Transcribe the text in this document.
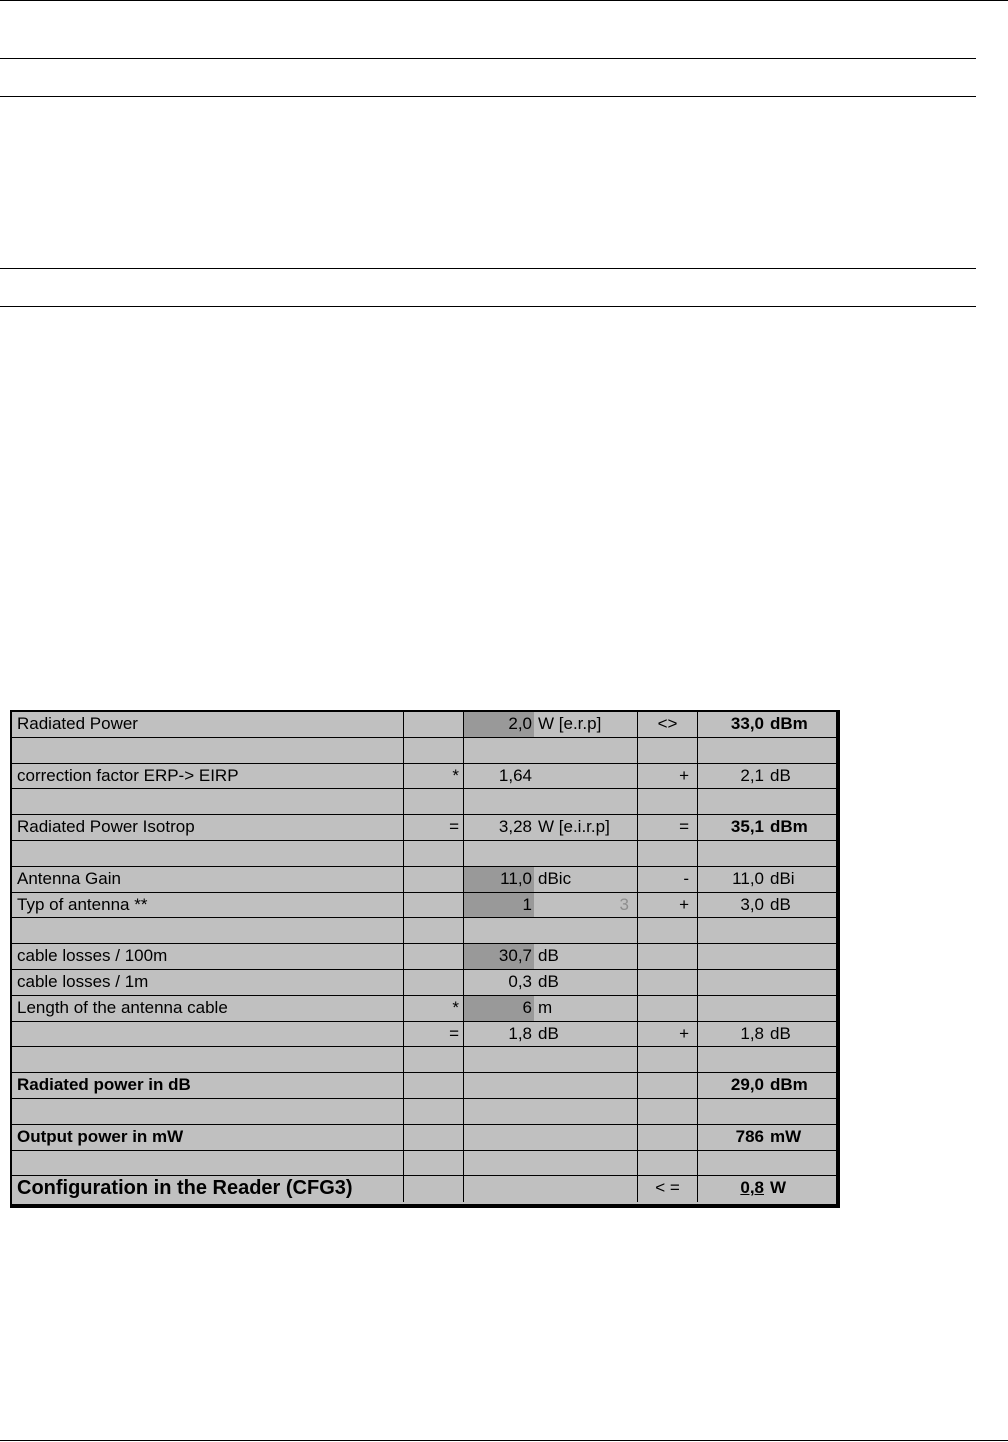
Radiated Power	2,0 W [e.r.p]	<>	33,0 dBm
correction factor ERP-> EIRP	*	1,64	+	2,1 dB
Radiated Power Isotrop	=	3,28 W [e.i.r.p]	=	35,1 dBm
Antenna Gain	11,0 dBic	-	11,0 dBi
Typ of antenna **	1	3	+	3,0 dB
cable losses / 100m	30,7 dB
cable losses / 1m	0,3 dB
Length of the antenna cable	*	6 m
=	1,8 dB	+	1,8 dB
Radiated power in dB	29,0 dBm
Output power in mW	786 mW
Configuration in the Reader (CFG3)	< =	0,8 W
